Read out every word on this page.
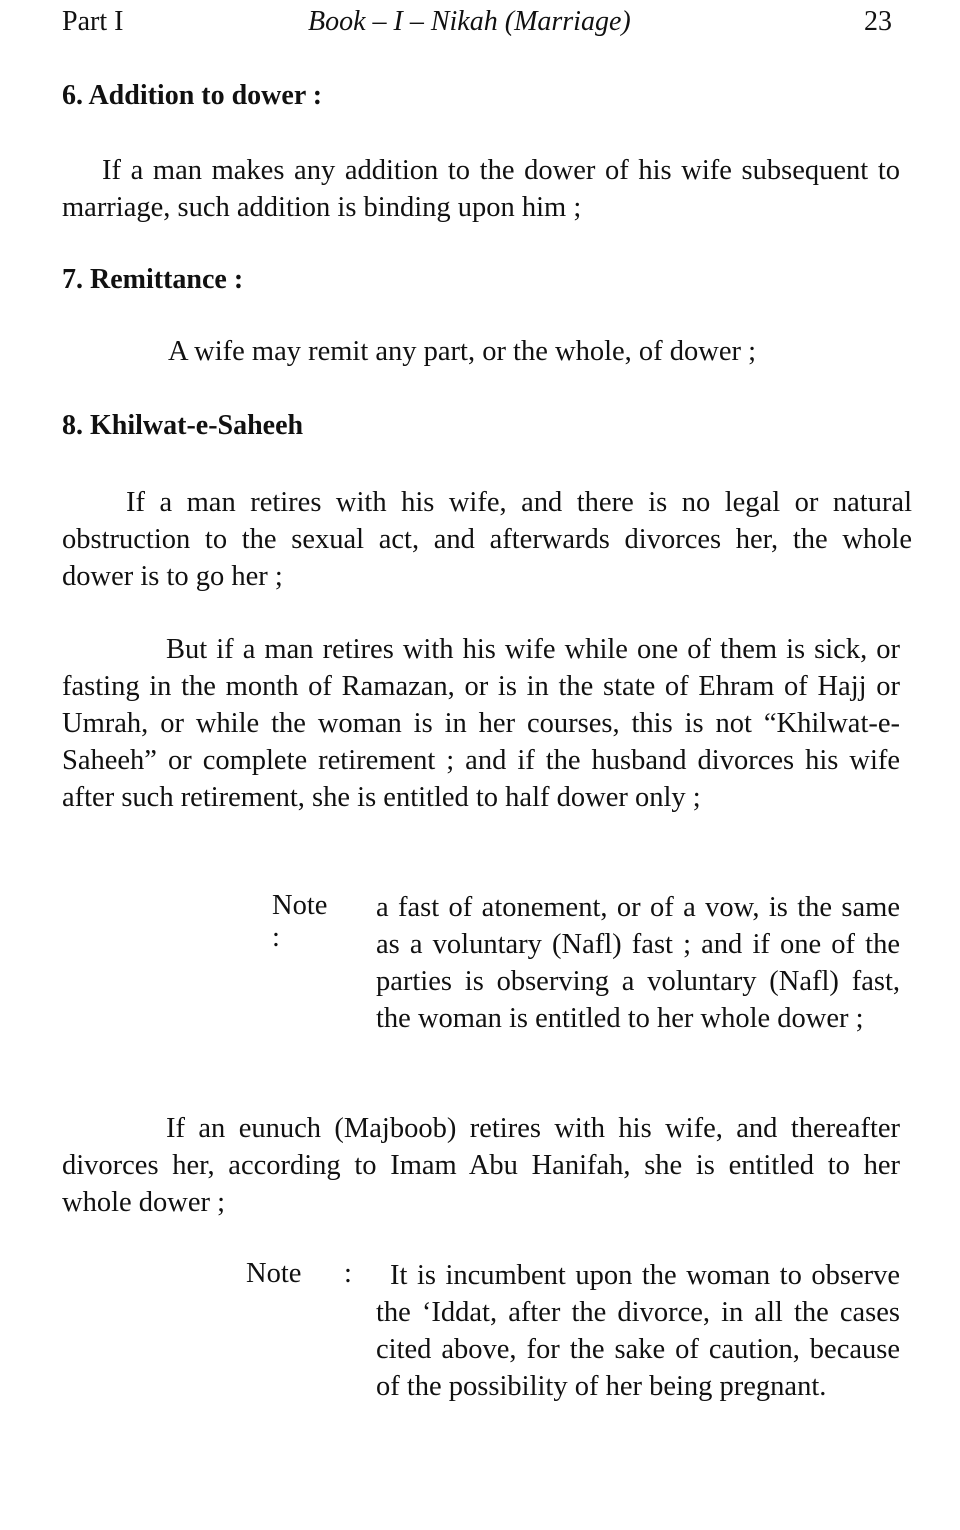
Part I	Book – I – Nikah (Marriage)	23
6. Addition to dower :

If a man makes any addition to the dower of his wife subsequent to marriage, such addition is binding upon him ;

7. Remittance :
A wife may remit any part, or the whole, of dower ;
8. Khilwat-e-Saheeh

If a man retires with his wife, and there is no legal or natural obstruction to the sexual act, and afterwards divorces her, the whole dower is to go her ;

But if a man retires with his wife while one of them is sick, or fasting in the month of Ramazan, or is in the state of Ehram of Hajj or Umrah, or while the woman is in her courses, this is not “Khilwat-e-Saheeh” or complete retirement ; and if the husband divorces his wife after such retirement, she is entitled to half dower only ;

Note :

a fast of atonement, or of a vow, is the same as a voluntary (Nafl) fast ; and if one of the parties is observing a voluntary (Nafl) fast, the woman is entitled to her whole dower ;

If an eunuch (Majboob) retires with his wife, and thereafter divorces her, according to Imam Abu Hanifah, she is entitled to her whole dower ;

Note :	It is incumbent upon the woman to observe the ‘Iddat, after the divorce, in all the cases cited above, for the sake of caution, because of the possibility of her being pregnant.
